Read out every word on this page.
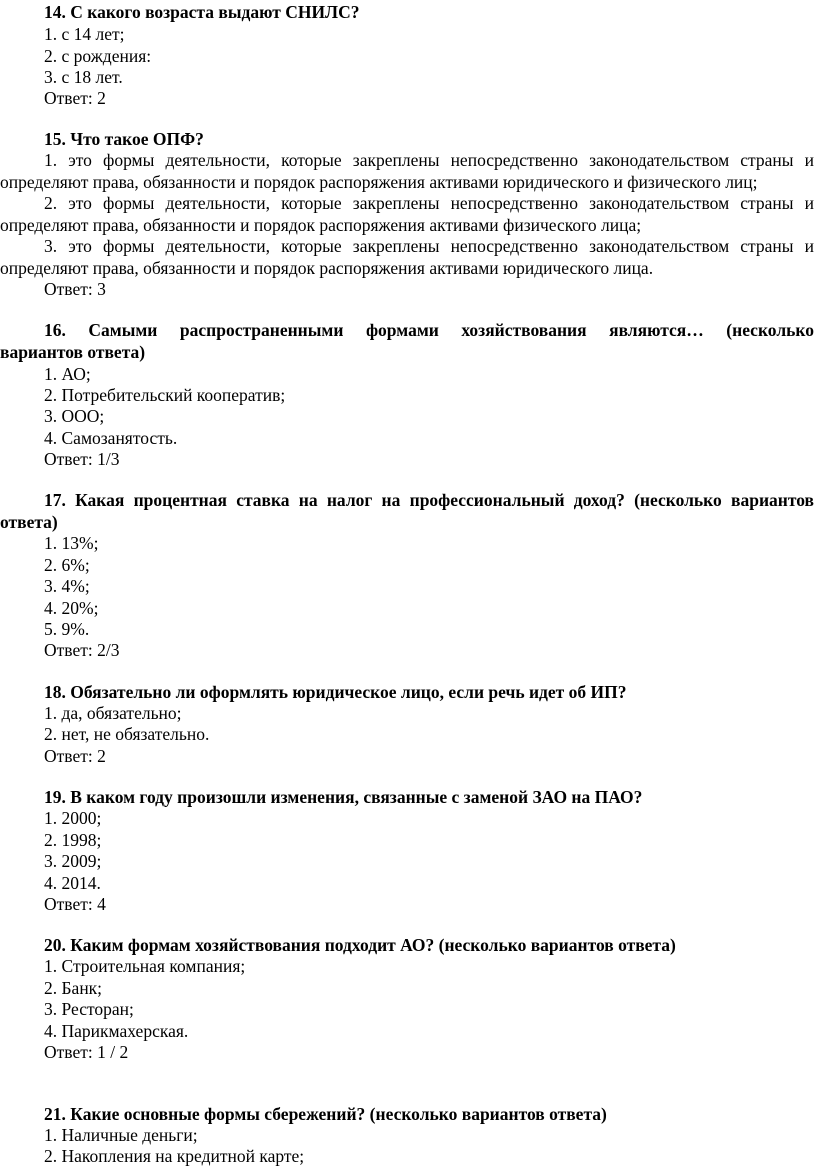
14. С какого возраста выдают СНИЛС?
1. с 14 лет;
2. с рождения:
3. с 18 лет.
Ответ: 2
15. Что такое ОПФ?
1. это формы деятельности, которые закреплены непосредственно законодательством страны и
определяют права, обязанности и порядок распоряжения активами юридического и физического лиц;
2. это формы деятельности, которые закреплены непосредственно законодательством страны и
определяют права, обязанности и порядок распоряжения активами физического лица;
3. это формы деятельности, которые закреплены непосредственно законодательством страны и
определяют права, обязанности и порядок распоряжения активами юридического лица.
Ответ: 3
16. Самыми распространенными формами хозяйствования являются… (несколько
вариантов ответа)
1. АО;
2. Потребительский кооператив;
3. ООО;
4. Самозанятость.
Ответ: 1/3
17. Какая процентная ставка на налог на профессиональный доход? (несколько вариантов
ответа)
1. 13%;
2. 6%;
3. 4%;
4. 20%;
5. 9%.
Ответ: 2/3
18. Обязательно ли оформлять юридическое лицо, если речь идет об ИП?
1. да, обязательно;
2. нет, не обязательно.
Ответ: 2
19. В каком году произошли изменения, связанные с заменой ЗАО на ПАО?
1. 2000;
2. 1998;
3. 2009;
4. 2014.
Ответ: 4
20. Каким формам хозяйствования подходит АО? (несколько вариантов ответа)
1. Строительная компания;
2. Банк;
3. Ресторан;
4. Парикмахерская.
Ответ: 1 / 2
21. Какие основные формы сбережений? (несколько вариантов ответа)
1. Наличные деньги;
2. Накопления на кредитной карте;
